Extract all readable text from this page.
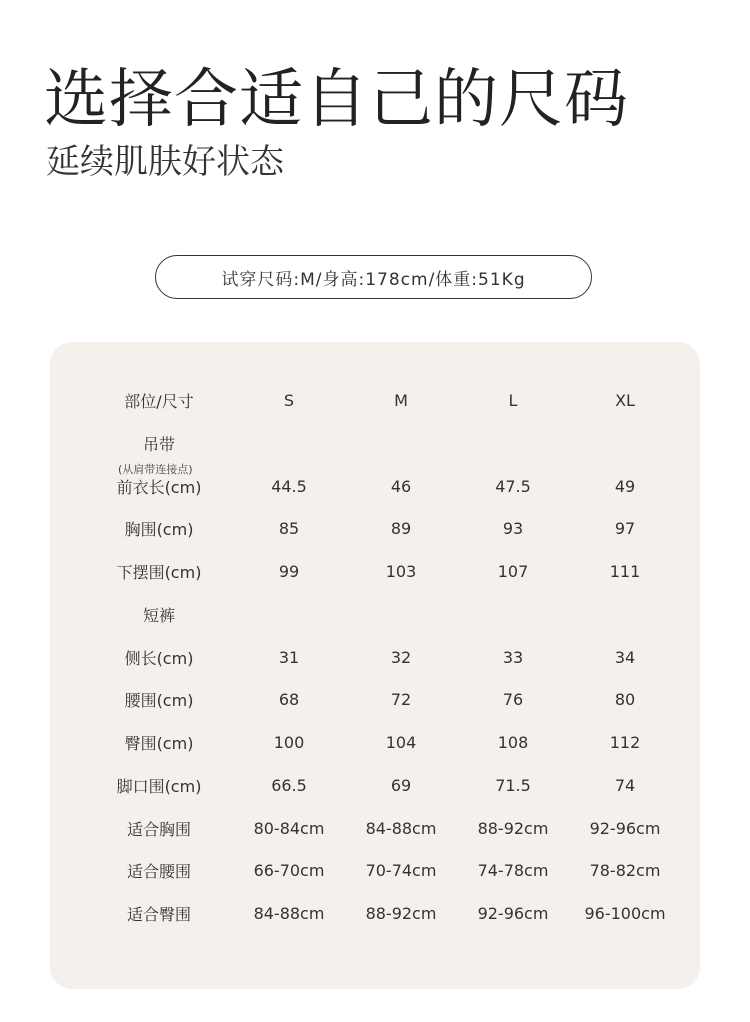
选择合适自己的尺码
延续肌肤好状态
试穿尺码:M/身高:178cm/体重:51Kg
部位/尺寸	S	M	L	XL
吊带
(从肩带连接点)
前衣长(cm)	44.5	46	47.5	49
胸围(cm)	85	89	93	97
下摆围(cm)	99	103	107	111
短裤
侧长(cm)	31	32	33	34
腰围(cm)	68	72	76	80
臀围(cm)	100	104	108	112
脚口围(cm)	66.5	69	71.5	74
适合胸围	80-84cm	84-88cm	88-92cm	92-96cm
适合腰围	66-70cm	70-74cm	74-78cm	78-82cm
适合臀围	84-88cm	88-92cm	92-96cm 96-100cm
